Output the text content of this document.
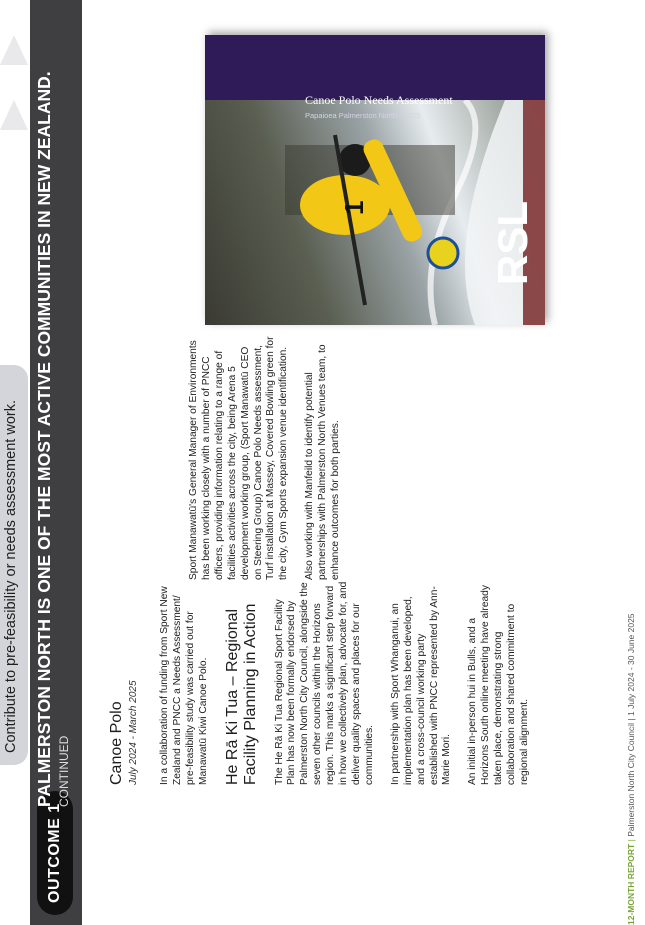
OUTCOME 1
PALMERSTON NORTH IS ONE OF THE MOST ACTIVE COMMUNITIES IN NEW ZEALAND. CONTINUED
Contribute to pre-feasibility or needs assessment work.	Canoe Polo July 2024 - March 2025 In a collaboration of funding from Sport New Zealand and PNCC a Needs Assessment/ pre-feasibility study was carried out for Manawatū Kiwi Canoe Polo. He Rā Ki Tua – Regional Facility Planning in Action The He Rā Ki Tua Regional Sport Facility Plan has now been formally endorsed by Palmerston North City Council, alongside the seven other councils within the Horizons region. This marks a significant step forward in how we collectively plan, advocate for, and deliver quality spaces and places for our communities. In partnership with Sport Whanganui, an implementation plan has been developed, and a cross-council working party established with PNCC represented by Ann- Marie Mori. An initial in-person hui in Bulls, and a Horizons South online meeting have already taken place, demonstrating strong collaboration and shared commitment to regional alignment.

Sport Manawatū's General Manager of Environments has been working closely with a number of PNCC officers, providing information relating to a range of facilities activities across the city, being Arena 5 development working group, (Sport Manawatū CEO on Steering Group) Canoe Polo Needs assessment, Turf installation at Massey, Covered Bowling green for the city, Gym Sports expansion venue identification. Also working with Manfeild to identify potential partnerships with Palmerston North Venues team, to enhance outcomes for both parties.

RSL
1
Canoe Polo Needs Assessment
Papaioea Palmerston North - 2025
12-MONTH REPORT | Palmerston North City Council | 1 July 2024 - 30 June 2025
